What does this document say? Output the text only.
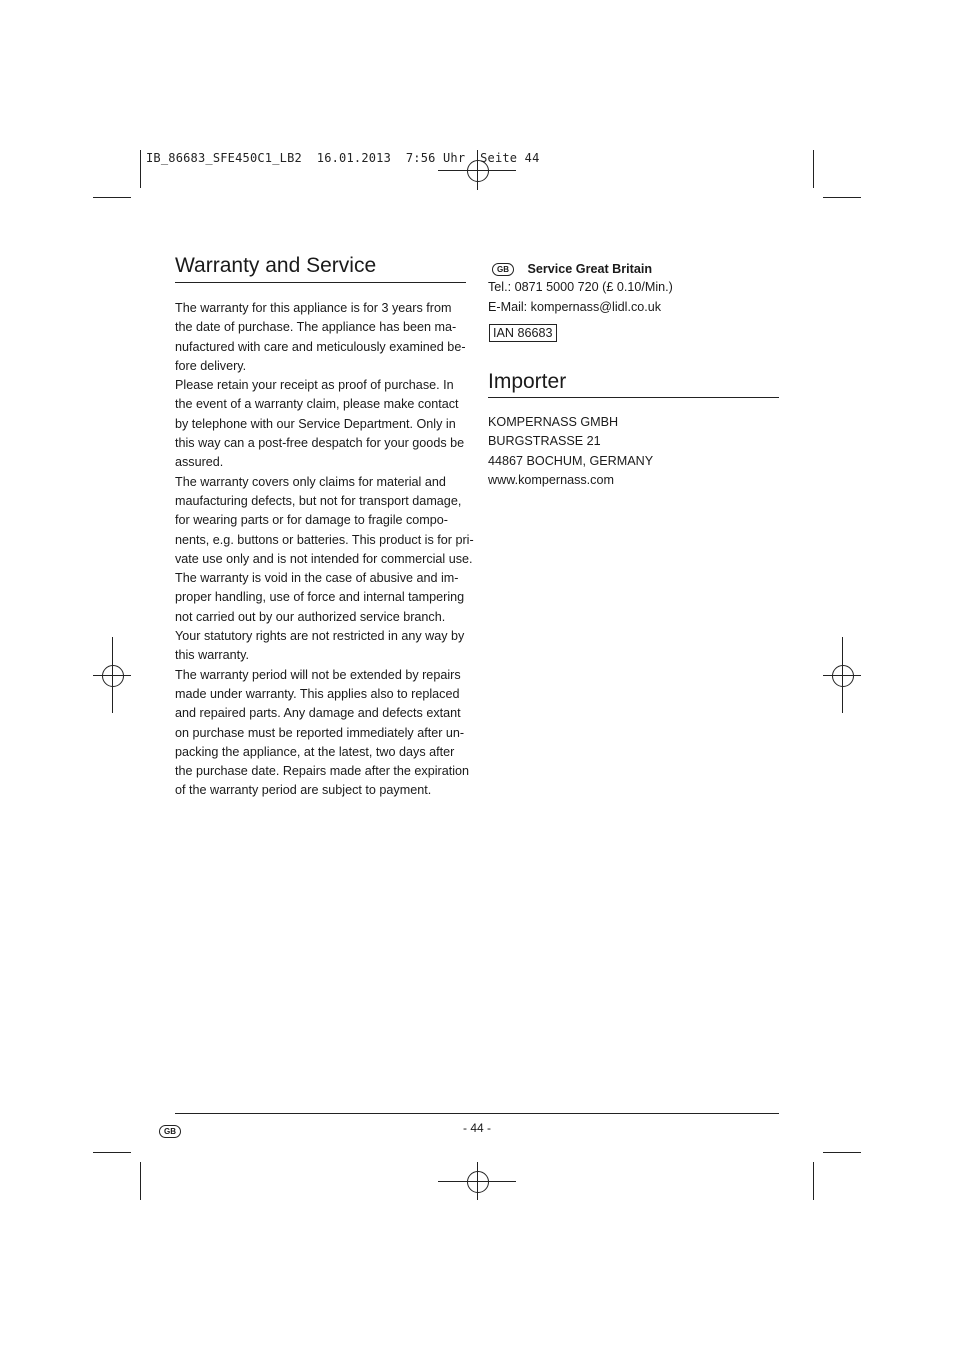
IB_86683_SFE450C1_LB2  16.01.2013  7:56 Uhr  Seite 44
Warranty and Service
The warranty for this appliance is for 3 years from
the date of purchase. The appliance has been ma-
nufactured with care and meticulously examined be-
fore delivery.
Please retain your receipt as proof of purchase. In
the event of a warranty claim, please make contact
by telephone with our Service Department. Only in
this way can a post-free despatch for your goods be
assured.
The warranty covers only claims for material and
maufacturing defects, but not for transport damage,
for wearing parts or for damage to fragile compo-
nents, e.g. buttons or batteries. This product is for pri-
vate use only and is not intended for commercial use.
The warranty is void in the case of abusive and im-
proper handling, use of force and internal tampering
not carried out by our authorized service branch.
Your statutory rights are not restricted in any way by
this warranty.
The warranty period will not be extended by repairs
made under warranty. This applies also to replaced
and repaired parts. Any damage and defects extant
on purchase must be reported immediately after un-
packing the appliance, at the latest, two days after
the purchase date. Repairs made after the expiration
of the warranty period are subject to payment.
GB Service Great Britain
Tel.: 0871 5000 720 (£ 0.10/Min.)
E-Mail: kompernass@lidl.co.uk
IAN 86683
Importer
KOMPERNASS GMBH
BURGSTRASSE 21
44867 BOCHUM, GERMANY
www.kompernass.com
GB	- 44 -
